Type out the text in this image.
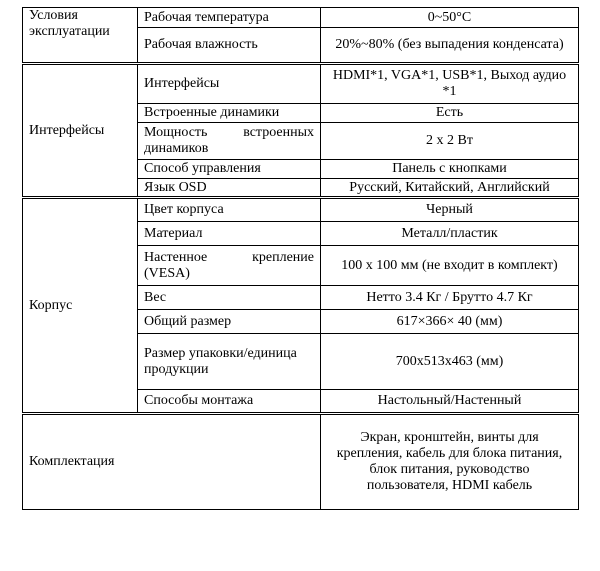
Условия эксплуатации	Рабочая температура	0~50°C
	Рабочая влажность	20%~80% (без выпадения конденсата)
Интерфейсы	Интерфейсы	HDMI*1, VGA*1, USB*1, Выход аудио *1
	Встроенные динамики	Есть
	Мощность встроенных динамиков	2 x 2 Вт
	Способ управления	Панель с кнопками
	Язык OSD	Русский, Китайский, Английский
Корпус	Цвет корпуса	Черный
	Материал	Металл/пластик
	Настенное крепление (VESA)	100 x 100 мм (не входит в комплект)
	Вес	Нетто 3.4 Кг / Брутто 4.7 Кг
	Общий размер	617×366× 40 (мм)
	Размер упаковки/единица продукции	700x513x463 (мм)
	Способы монтажа	Настольный/Настенный
Комплектация		Экран, кронштейн, винты для крепления, кабель для блока питания, блок питания, руководство пользователя, HDMI кабель
